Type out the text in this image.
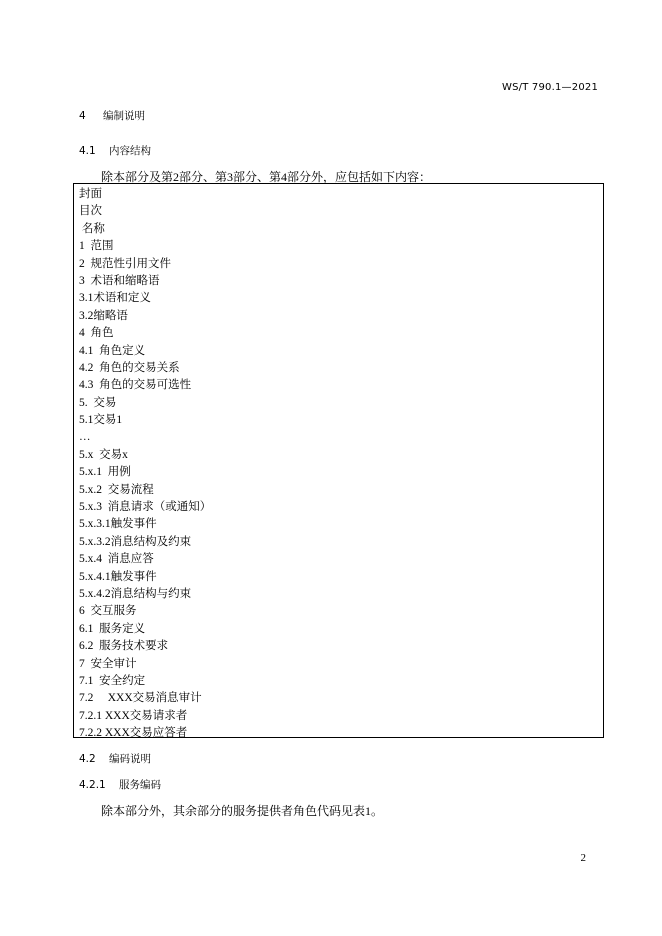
WS/T 790.1—2021
4 编制说明
4.1 内容结构
除本部分及第2部分、第3部分、第4部分外，应包括如下内容：
封面
目次
名称
1  范围
2  规范性引用文件
3  术语和缩略语
3.1术语和定义
3.2缩略语
4  角色
4.1  角色定义
4.2  角色的交易关系
4.3  角色的交易可选性
5.  交易
5.1交易1
…
5.x  交易x
5.x.1  用例
5.x.2  交易流程
5.x.3  消息请求（或通知）
5.x.3.1触发事件
5.x.3.2消息结构及约束
5.x.4  消息应答
5.x.4.1触发事件
5.x.4.2消息结构与约束
6  交互服务
6.1  服务定义
6.2  服务技术要求
7  安全审计
7.1  安全约定
7.2     XXX交易消息审计
7.2.1 XXX交易请求者
7.2.2 XXX交易应答者
4.2 编码说明
4.2.1 服务编码
除本部分外，其余部分的服务提供者角色代码见表1。
2
